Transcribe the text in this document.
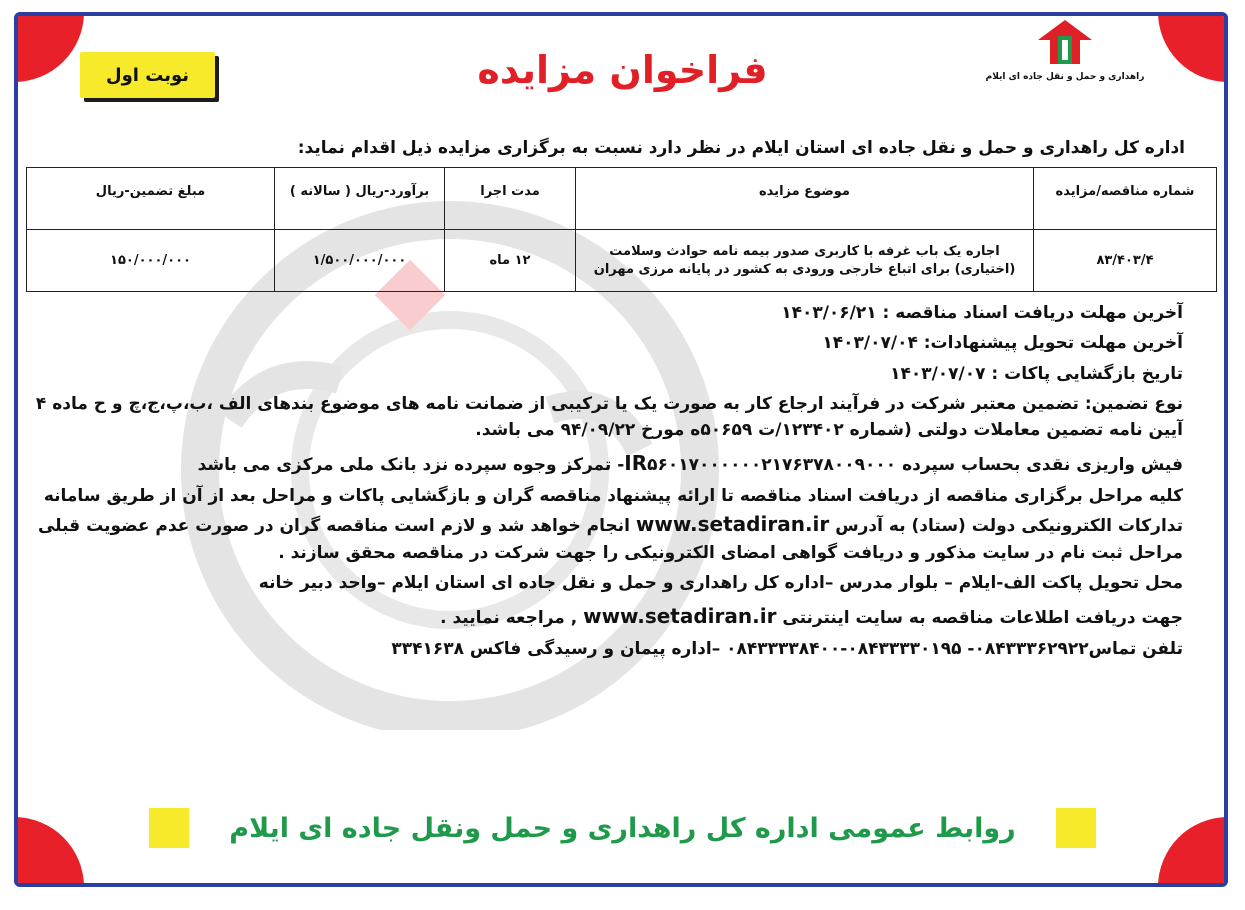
راهداری و حمل و نقل جاده ای ایلام
فراخوان مزایده
نوبت اول
اداره کل راهداری و حمل و نقل جاده ای استان ایلام در نظر دارد نسبت به برگزاری مزایده ذیل اقدام نماید:
شماره مناقصه/مزایده	موضوع مزایده	مدت اجرا	برآورد-ریال ( سالانه )	مبلغ تضمین-ریال
۸۳/۴۰۳/۴	اجاره یک باب غرفه با کاربری صدور بیمه نامه حوادث وسلامت
(اختیاری) برای اتباع خارجی ورودی به کشور در پایانه مرزی مهران	۱۲ ماه	۱/۵۰۰/۰۰۰/۰۰۰	۱۵۰/۰۰۰/۰۰۰

آخرین مهلت دریافت اسناد مناقصه : ۱۴۰۳/۰۶/۲۱

آخرین مهلت تحویل پیشنهادات: ۱۴۰۳/۰۷/۰۴

تاریخ بازگشایی پاکات : ۱۴۰۳/۰۷/۰۷

نوع تضمین: تضمین معتبر شرکت در فرآیند ارجاع کار به صورت یک یا ترکیبی از ضمانت نامه های موضوع بندهای الف ،ب،پ،ج،چ و ح ماده ۴ آیین نامه تضمین معاملات دولتی (شماره ۱۲۳۴۰۲/ت ۵۰۶۵۹ه مورخ ۹۴/۰۹/۲۲ می باشد.

فیش واریزی نقدی بحساب سپرده IR۵۶۰۱۷۰۰۰۰۰۰۲۱۷۶۳۷۸۰۰۹۰۰۰- تمرکز وجوه سپرده نزد بانک ملی مرکزی می باشد

کلیه مراحل برگزاری مناقصه از دریافت اسناد مناقصه تا ارائه پیشنهاد مناقصه گران و بازگشایی پاکات و مراحل بعد از آن از طریق سامانه تدارکات الکترونیکی دولت (ستاد) به آدرس www.setadiran.ir انجام خواهد شد و لازم است مناقصه گران در صورت عدم عضویت قبلی مراحل ثبت نام در سایت مذکور و دریافت گواهی امضای الکترونیکی را جهت شرکت در مناقصه محقق سازند .

محل تحویل پاکت الف-ایلام – بلوار مدرس –اداره کل راهداری و حمل و نقل جاده ای استان ایلام –واحد دبیر خانه

جهت دریافت اطلاعات مناقصه به سایت اینترنتی www.setadiran.ir , مراجعه نمایید .

تلفن تماس۰۸۴۳۳۳۶۲۹۲۲- ۰۸۴۳۳۳۳۰۱۹۵-۰۸۴۳۳۳۳۸۴۰۰ –اداره پیمان و رسیدگی فاکس ۳۳۴۱۶۳۸

روابط عمومی اداره کل راهداری و حمل ونقل جاده ای ایلام
